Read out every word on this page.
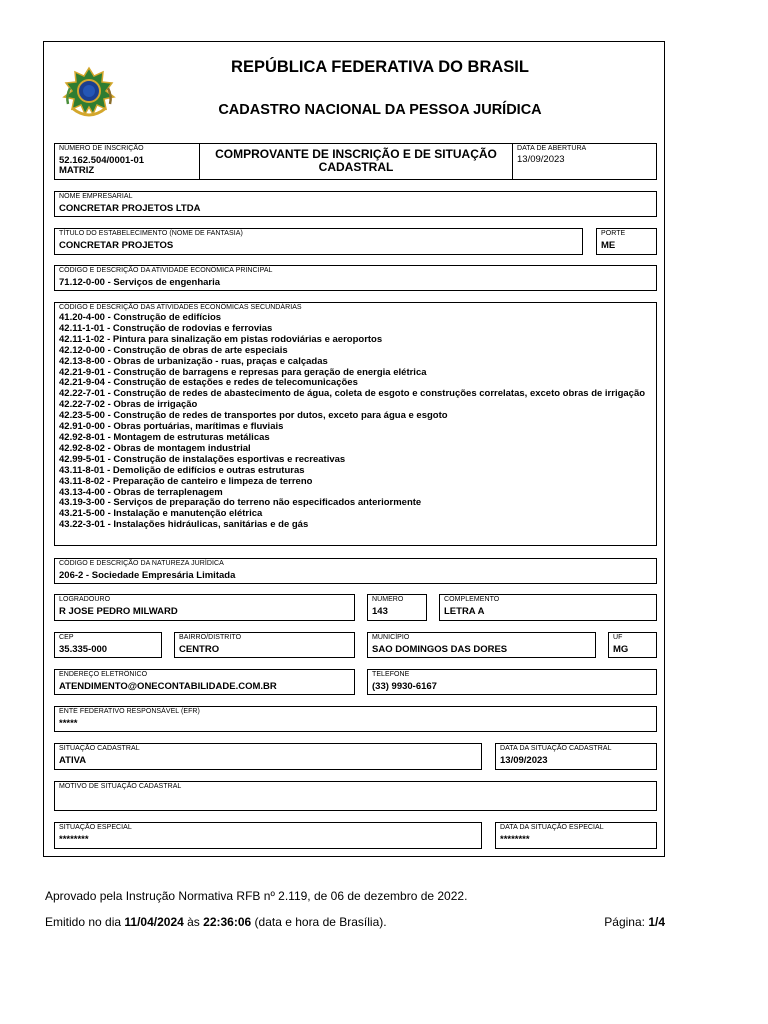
REPÚBLICA FEDERATIVA DO BRASIL
CADASTRO NACIONAL DA PESSOA JURÍDICA
NÚMERO DE INSCRIÇÃO
52.162.504/0001-01
MATRIZ
COMPROVANTE DE INSCRIÇÃO E DE SITUAÇÃO
CADASTRAL
DATA DE ABERTURA
13/09/2023
NOME EMPRESARIAL
CONCRETAR PROJETOS LTDA
TÍTULO DO ESTABELECIMENTO (NOME DE FANTASIA)
CONCRETAR PROJETOS
PORTE
ME
CÓDIGO E DESCRIÇÃO DA ATIVIDADE ECONÔMICA PRINCIPAL
71.12-0-00 - Serviços de engenharia
CÓDIGO E DESCRIÇÃO DAS ATIVIDADES ECONÔMICAS SECUNDÁRIAS
41.20-4-00 - Construção de edifícios
42.11-1-01 - Construção de rodovias e ferrovias
42.11-1-02 - Pintura para sinalização em pistas rodoviárias e aeroportos
42.12-0-00 - Construção de obras de arte especiais
42.13-8-00 - Obras de urbanização - ruas, praças e calçadas
42.21-9-01 - Construção de barragens e represas para geração de energia elétrica
42.21-9-04 - Construção de estações e redes de telecomunicações
42.22-7-01 - Construção de redes de abastecimento de água, coleta de esgoto e construções correlatas, exceto obras de irrigação
42.22-7-02 - Obras de irrigação
42.23-5-00 - Construção de redes de transportes por dutos, exceto para água e esgoto
42.91-0-00 - Obras portuárias, marítimas e fluviais
42.92-8-01 - Montagem de estruturas metálicas
42.92-8-02 - Obras de montagem industrial
42.99-5-01 - Construção de instalações esportivas e recreativas
43.11-8-01 - Demolição de edifícios e outras estruturas
43.11-8-02 - Preparação de canteiro e limpeza de terreno
43.13-4-00 - Obras de terraplenagem
43.19-3-00 - Serviços de preparação do terreno não especificados anteriormente
43.21-5-00 - Instalação e manutenção elétrica
43.22-3-01 - Instalações hidráulicas, sanitárias e de gás
CÓDIGO E DESCRIÇÃO DA NATUREZA JURÍDICA
206-2 - Sociedade Empresária Limitada
LOGRADOURO
R JOSE PEDRO MILWARD
NÚMERO
143
COMPLEMENTO
LETRA A
CEP
35.335-000
BAIRRO/DISTRITO
CENTRO
MUNICÍPIO
SAO DOMINGOS DAS DORES
UF
MG
ENDEREÇO ELETRÔNICO
ATENDIMENTO@ONECONTABILIDADE.COM.BR
TELEFONE
(33) 9930-6167
ENTE FEDERATIVO RESPONSÁVEL (EFR)
*****
SITUAÇÃO CADASTRAL
ATIVA
DATA DA SITUAÇÃO CADASTRAL
13/09/2023
MOTIVO DE SITUAÇÃO CADASTRAL
SITUAÇÃO ESPECIAL
********
DATA DA SITUAÇÃO ESPECIAL
********
Aprovado pela Instrução Normativa RFB nº 2.119, de 06 de dezembro de 2022.
Emitido no dia 11/04/2024 às 22:36:06 (data e hora de Brasília).	Página: 1/4
